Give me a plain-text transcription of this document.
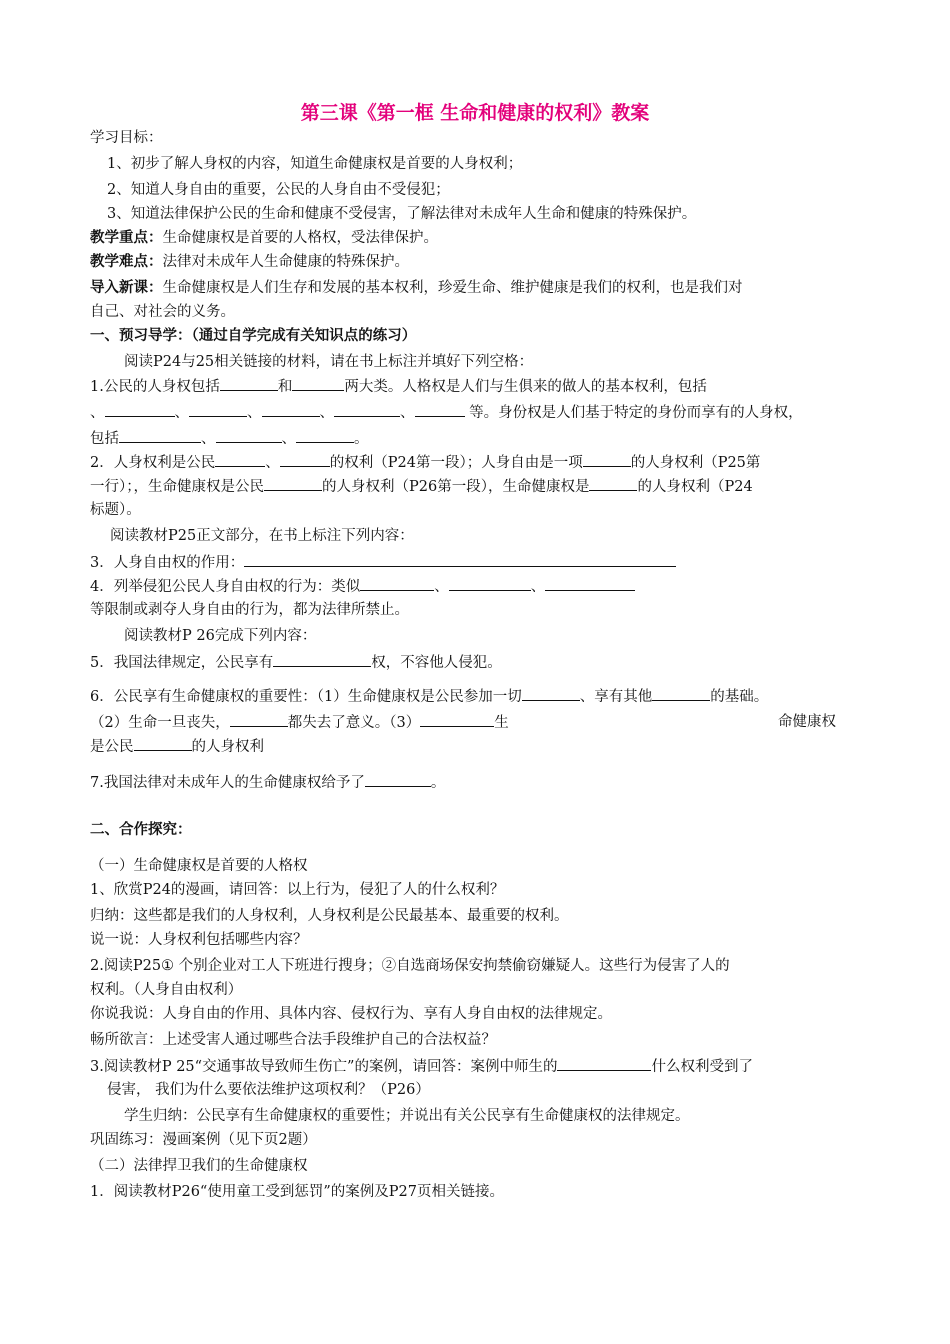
第三课《第一框 生命和健康的权利》教案
学习目标：
1、初步了解人身权的内容，知道生命健康权是首要的人身权利；
2、知道人身自由的重要，公民的人身自由不受侵犯；
3、知道法律保护公民的生命和健康不受侵害，了解法律对未成年人生命和健康的特殊保护。
教学重点：生命健康权是首要的人格权，受法律保护。
教学难点：法律对未成年人生命健康的特殊保护。
导入新课：生命健康权是人们生存和发展的基本权利，珍爱生命、维护健康是我们的权利，也是我们对
自己、对社会的义务。
一、预习导学：（通过自学完成有关知识点的练习）
阅读P24与25相关链接的材料，请在书上标注并填好下列空格：
1.公民的人身权包括	和	两大类。人格权是人们与生俱来的做人的基本权利，包括
、	、	、	、	、	等。身份权是人们基于特定的身份而享有的人身权，
包括	、	、	。
2．人身权利是公民	、	的权利（P24第一段）；人身自由是一项	的人身权利（P25第
一行）；，生命健康权是公民	的人身权利（P26第一段），生命健康权是	的人身权利（P24
标题）。
阅读教材P25正文部分，在书上标注下列内容：
3．人身自由权的作用：
4．列举侵犯公民人身自由权的行为：类似	、	、
等限制或剥夺人身自由的行为，都为法律所禁止。
阅读教材P 26完成下列内容：
5．我国法律规定，公民享有	权，不容他人侵犯。
6．公民享有生命健康权的重要性：（1）生命健康权是公民参加一切	、享有其他	的基础。
（2）生命一旦丧失，	都失去了意义。（3）	生	命健康权
是公民	的人身权利
7.我国法律对未成年人的生命健康权给予了	。
二、合作探究：
（一）生命健康权是首要的人格权
1、欣赏P24的漫画，请回答：以上行为，侵犯了人的什么权利？
归纳：这些都是我们的人身权利，人身权利是公民最基本、最重要的权利。
说一说：人身权利包括哪些内容？
2.阅读P25① 个别企业对工人下班进行搜身；②自选商场保安拘禁偷窃嫌疑人。这些行为侵害了人的
权利。（人身自由权利）
你说我说：人身自由的作用、具体内容、侵权行为、享有人身自由权的法律规定。
畅所欲言：上述受害人通过哪些合法手段维护自己的合法权益？
3.阅读教材P 25“交通事故导致师生伤亡”的案例，请回答：案例中师生的	什么权利受到了
侵害， 我们为什么要依法维护这项权利？（P26）
学生归纳：公民享有生命健康权的重要性；并说出有关公民享有生命健康权的法律规定。
巩固练习：漫画案例（见下页2题）
（二）法律捍卫我们的生命健康权
1．阅读教材P26“使用童工受到惩罚”的案例及P27页相关链接。
